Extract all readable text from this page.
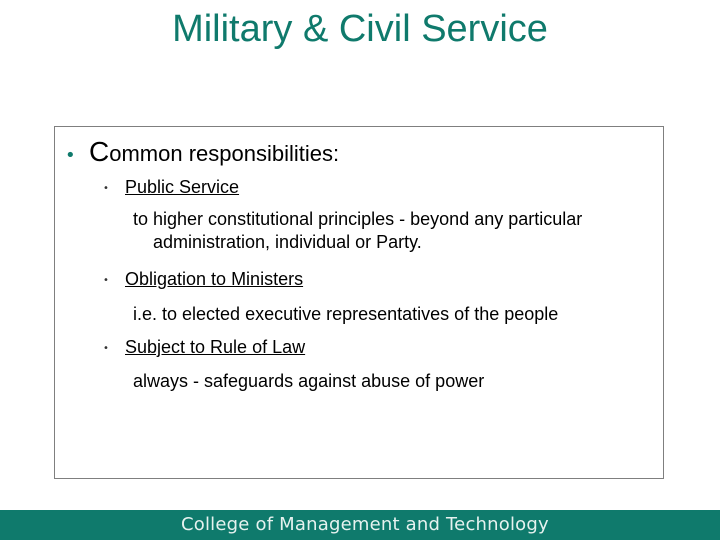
Military & Civil Service
• Common responsibilities:
• Public Service
to higher constitutional principles - beyond any particular administration, individual or Party.
• Obligation to Ministers
i.e. to elected executive representatives of the people
• Subject to Rule of Law
always - safeguards against abuse of power
College of Management and Technology
